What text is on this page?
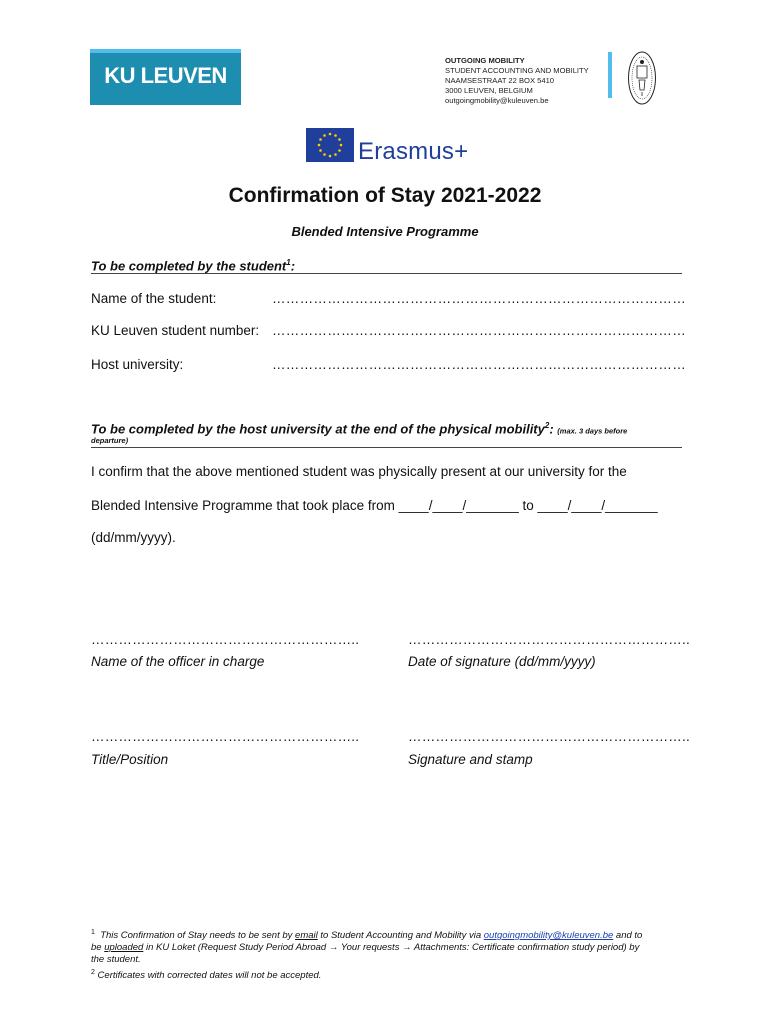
KU LEUVEN
OUTGOING MOBILITY
STUDENT ACCOUNTING AND MOBILITY
NAAMSESTRAAT 22 BOX 5410
3000 LEUVEN, BELGIUM
outgoingmobility@kuleuven.be
Erasmus+
Confirmation of Stay 2021-2022
Blended Intensive Programme
To be completed by the student$^1$:
Name of the student:	………………………………………………………………………………
KU Leuven student number: ………………………………………………………………………………
Host university:	………………………………………………………………………………
To be completed by the host university at the end of the physical mobility$^2$: (max. 3 days before
departure)
I confirm that the above mentioned student was physically present at our university for the
Blended Intensive Programme that took place from ____/____/_______ to ____/____/_______
(dd/mm/yyyy).
…………………………………………………..	……………………………………………………..
Name of the officer in charge	Date of signature (dd/mm/yyyy)
…………………………………………………..	……………………………………………………..
Title/Position	Signature and stamp
$^1$ This Confirmation of Stay needs to be sent by email to Student Accounting and Mobility via outgoingmobility@kuleuven.be and to
be uploaded in KU Loket (Request Study Period Abroad → Your requests → Attachments: Certificate confirmation study period) by
the student.
$^2$ Certificates with corrected dates will not be accepted.
